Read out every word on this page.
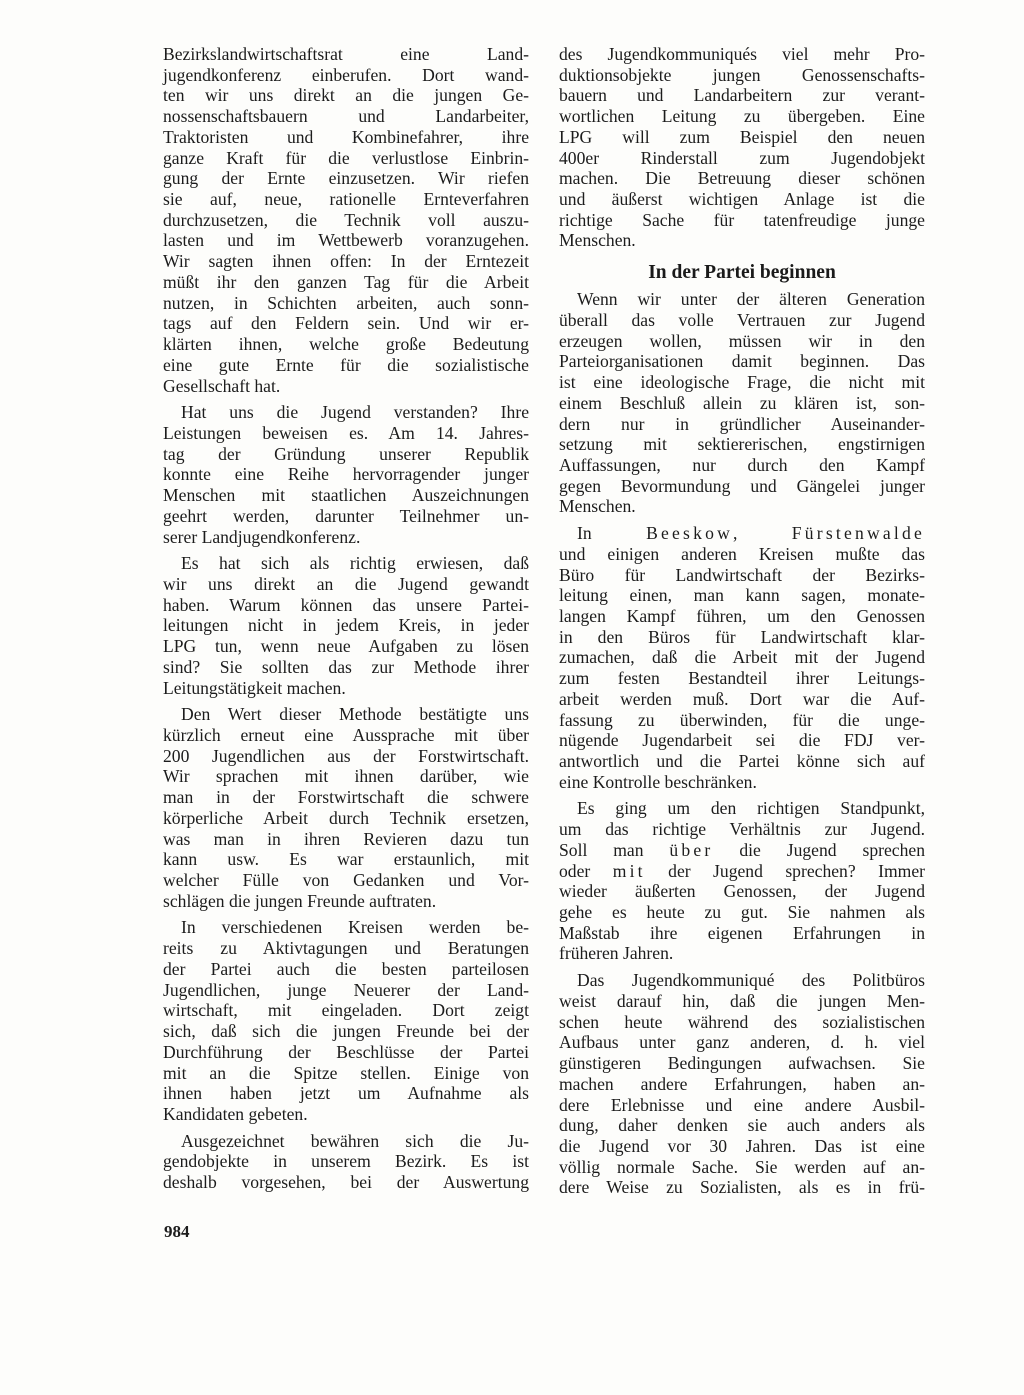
Bezirkslandwirtschaftsrat eine Land-
jugendkonferenz einberufen. Dort wand-
ten wir uns direkt an die jungen Ge-
nossenschaftsbauern und Landarbeiter,
Traktoristen und Kombinefahrer, ihre
ganze Kraft für die verlustlose Einbrin-
gung der Ernte einzusetzen. Wir riefen
sie auf, neue, rationelle Ernteverfahren
durchzusetzen, die Technik voll auszu-
lasten und im Wettbewerb voranzugehen.
Wir sagten ihnen offen: In der Erntezeit
müßt ihr den ganzen Tag für die Arbeit
nutzen, in Schichten arbeiten, auch sonn-
tags auf den Feldern sein. Und wir er-
klärten ihnen, welche große Bedeutung
eine gute Ernte für die sozialistische
Gesellschaft hat.
Hat uns die Jugend verstanden? Ihre
Leistungen beweisen es. Am 14. Jahres-
tag der Gründung unserer Republik
konnte eine Reihe hervorragender junger
Menschen mit staatlichen Auszeichnungen
geehrt werden, darunter Teilnehmer un-
serer Landjugendkonferenz.
Es hat sich als richtig erwiesen, daß
wir uns direkt an die Jugend gewandt
haben. Warum können das unsere Partei-
leitungen nicht in jedem Kreis, in jeder
LPG tun, wenn neue Aufgaben zu lösen
sind? Sie sollten das zur Methode ihrer
Leitungstätigkeit machen.
Den Wert dieser Methode bestätigte uns
kürzlich erneut eine Aussprache mit über
200 Jugendlichen aus der Forstwirtschaft.
Wir sprachen mit ihnen darüber, wie
man in der Forstwirtschaft die schwere
körperliche Arbeit durch Technik ersetzen,
was man in ihren Revieren dazu tun
kann usw. Es war erstaunlich, mit
welcher Fülle von Gedanken und Vor-
schlägen die jungen Freunde auftraten.
In verschiedenen Kreisen werden be-
reits zu Aktivtagungen und Beratungen
der Partei auch die besten parteilosen
Jugendlichen, junge Neuerer der Land-
wirtschaft, mit eingeladen. Dort zeigt
sich, daß sich die jungen Freunde bei der
Durchführung der Beschlüsse der Partei
mit an die Spitze stellen. Einige von
ihnen haben jetzt um Aufnahme als
Kandidaten gebeten.
Ausgezeichnet bewähren sich die Ju-
gendobjekte in unserem Bezirk. Es ist
deshalb vorgesehen, bei der Auswertung
des Jugendkommuniqués viel mehr Pro-
duktionsobjekte jungen Genossenschafts-
bauern und Landarbeitern zur verant-
wortlichen Leitung zu übergeben. Eine
LPG will zum Beispiel den neuen
400er Rinderstall zum Jugendobjekt
machen. Die Betreuung dieser schönen
und äußerst wichtigen Anlage ist die
richtige Sache für tatenfreudige junge
Menschen.
In der Partei beginnen
Wenn wir unter der älteren Generation
überall das volle Vertrauen zur Jugend
erzeugen wollen, müssen wir in den
Parteiorganisationen damit beginnen. Das
ist eine ideologische Frage, die nicht mit
einem Beschluß allein zu klären ist, son-
dern nur in gründlicher Auseinander-
setzung mit sektiererischen, engstirnigen
Auffassungen, nur durch den Kampf
gegen Bevormundung und Gängelei junger
Menschen.
In Beeskow, Fürstenwalde
und einigen anderen Kreisen mußte das
Büro für Landwirtschaft der Bezirks-
leitung einen, man kann sagen, monate-
langen Kampf führen, um den Genossen
in den Büros für Landwirtschaft klar-
zumachen, daß die Arbeit mit der Jugend
zum festen Bestandteil ihrer Leitungs-
arbeit werden muß. Dort war die Auf-
fassung zu überwinden, für die unge-
nügende Jugendarbeit sei die FDJ ver-
antwortlich und die Partei könne sich auf
eine Kontrolle beschränken.
Es ging um den richtigen Standpunkt,
um das richtige Verhältnis zur Jugend.
Soll man über die Jugend sprechen
oder mit der Jugend sprechen? Immer
wieder äußerten Genossen, der Jugend
gehe es heute zu gut. Sie nahmen als
Maßstab ihre eigenen Erfahrungen in
früheren Jahren.
Das Jugendkommuniqué des Politbüros
weist darauf hin, daß die jungen Men-
schen heute während des sozialistischen
Aufbaus unter ganz anderen, d. h. viel
günstigeren Bedingungen aufwachsen. Sie
machen andere Erfahrungen, haben an-
dere Erlebnisse und eine andere Ausbil-
dung, daher denken sie auch anders als
die Jugend vor 30 Jahren. Das ist eine
völlig normale Sache. Sie werden auf an-
dere Weise zu Sozialisten, als es in frü-
984
